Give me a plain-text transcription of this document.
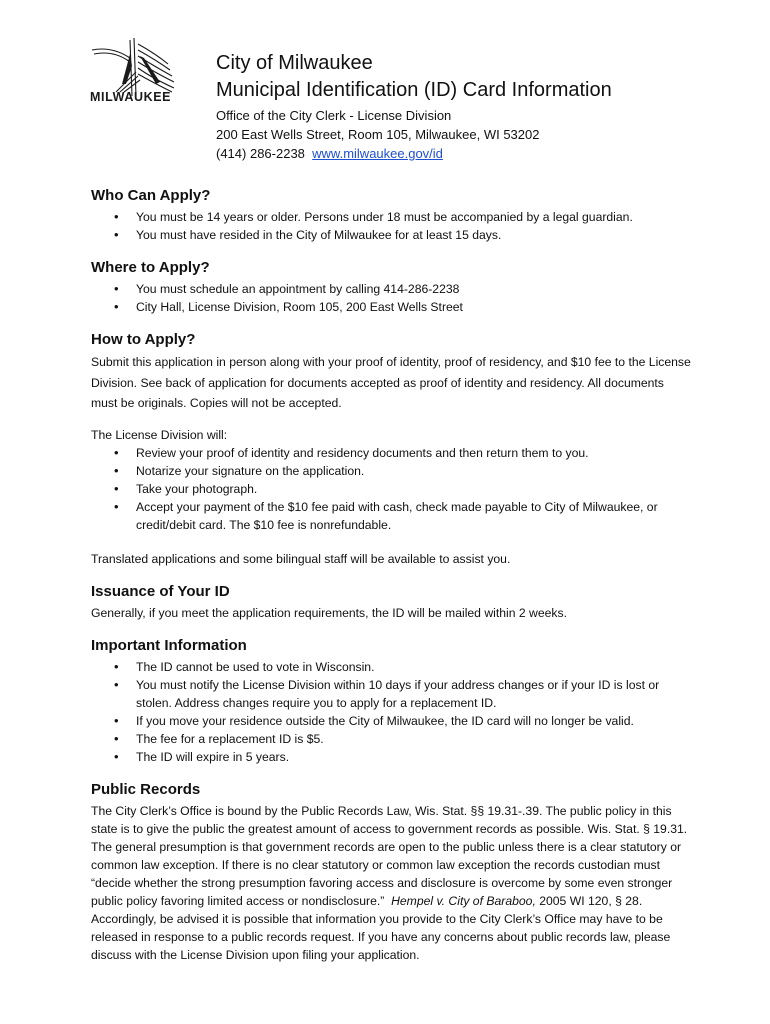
MILWAUKEE
City of Milwaukee
Municipal Identification (ID) Card Information
Office of the City Clerk - License Division
200 East Wells Street, Room 105, Milwaukee, WI 53202
(414) 286-2238 www.milwaukee.gov/id
Who Can Apply?
• You must be 14 years or older. Persons under 18 must be accompanied by a legal guardian.
• You must have resided in the City of Milwaukee for at least 15 days.
Where to Apply?
• You must schedule an appointment by calling 414-286-2238
• City Hall, License Division, Room 105, 200 East Wells Street
How to Apply?

Submit this application in person along with your proof of identity, proof of residency, and $10 fee to the License Division. See back of application for documents accepted as proof of identity and residency. All documents must be originals. Copies will not be accepted.

The License Division will:

• Review your proof of identity and residency documents and then return them to you.
• Notarize your signature on the application.
• Take your photograph.
• Accept your payment of the $10 fee paid with cash, check made payable to City of Milwaukee, or credit/debit card. The $10 fee is nonrefundable.

Translated applications and some bilingual staff will be available to assist you.

Issuance of Your ID

Generally, if you meet the application requirements, the ID will be mailed within 2 weeks.

Important Information
• The ID cannot be used to vote in Wisconsin.
• You must notify the License Division within 10 days if your address changes or if your ID is lost or stolen. Address changes require you to apply for a replacement ID.
• If you move your residence outside the City of Milwaukee, the ID card will no longer be valid.
• The fee for a replacement ID is $5.
• The ID will expire in 5 years.
Public Records

The City Clerk’s Office is bound by the Public Records Law, Wis. Stat. §§ 19.31-.39. The public policy in this state is to give the public the greatest amount of access to government records as possible. Wis. Stat. § 19.31. The general presumption is that government records are open to the public unless there is a clear statutory or common law exception. If there is no clear statutory or common law exception the records custodian must “decide whether the strong presumption favoring access and disclosure is overcome by some even stronger public policy favoring limited access or nondisclosure.” Hempel v. City of Baraboo, 2005 WI 120, § 28. Accordingly, be advised it is possible that information you provide to the City Clerk’s Office may have to be released in response to a public records request. If you have any concerns about public records law, please discuss with the License Division upon filing your application.
